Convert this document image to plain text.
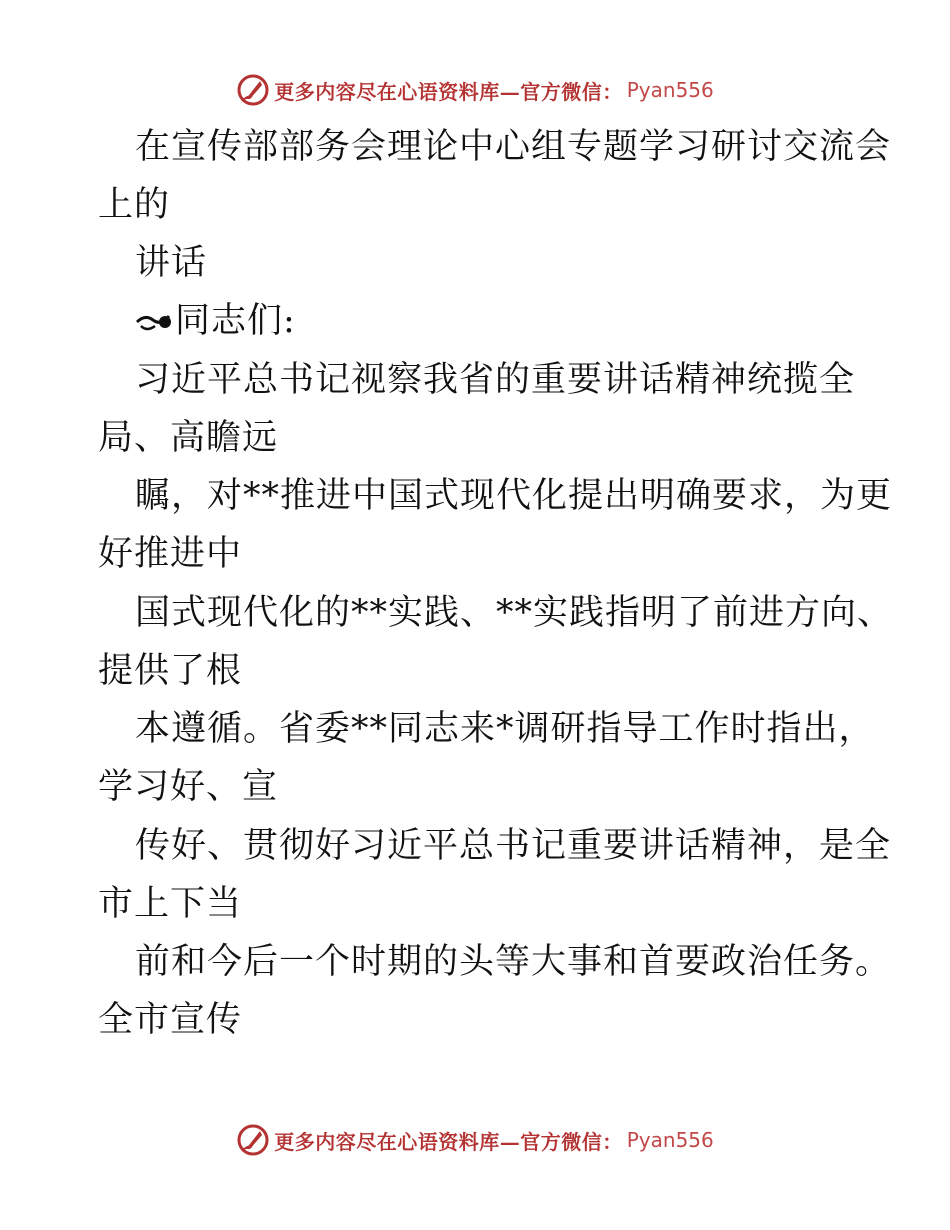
更多内容尽在心语资料库—官方微信： Pyan556
在宣传部部务会理论中心组专题学习研讨交流会
上的
讲话
同志们:
习近平总书记视察我省的重要讲话精神统揽全
局、高瞻远
瞩，对**推进中国式现代化提出明确要求，为更
好推进中
国式现代化的**实践、**实践指明了前进方向、
提供了根
本遵循。省委**同志来*调研指导工作时指出，
学习好、宣
传好、贯彻好习近平总书记重要讲话精神，是全
市上下当
前和今后一个时期的头等大事和首要政治任务。
全市宣传
更多内容尽在心语资料库—官方微信： Pyan556
